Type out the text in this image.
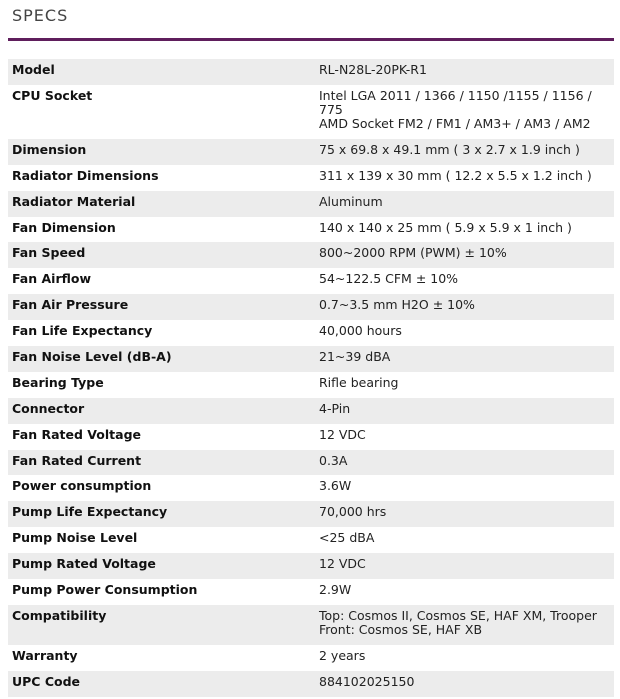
SPECS
Model	RL-N28L-20PK-R1

CPU Socket	Intel LGA 2011 / 1366 / 1150 /1155 / 1156 /
775
AMD Socket FM2 / FM1 / AM3+ / AM3 / AM2

Dimension	75 x 69.8 x 49.1 mm ( 3 x 2.7 x 1.9 inch )

Radiator Dimensions	311 x 139 x 30 mm ( 12.2 x 5.5 x 1.2 inch )

Radiator Material	Aluminum

Fan Dimension	140 x 140 x 25 mm ( 5.9 x 5.9 x 1 inch )

Fan Speed	800~2000 RPM (PWM) ± 10%

Fan Airflow	54~122.5 CFM ± 10%

Fan Air Pressure	0.7~3.5 mm H2O ± 10%

Fan Life Expectancy	40,000 hours

Fan Noise Level (dB-A)	21~39 dBA

Bearing Type	Rifle bearing

Connector	4-Pin

Fan Rated Voltage	12 VDC

Fan Rated Current	0.3A

Power consumption	3.6W

Pump Life Expectancy	70,000 hrs

Pump Noise Level	<25 dBA

Pump Rated Voltage	12 VDC

Pump Power Consumption	2.9W

Compatibility	Top: Cosmos II, Cosmos SE, HAF XM, Trooper
Front: Cosmos SE, HAF XB

Warranty	2 years

UPC Code	884102025150
